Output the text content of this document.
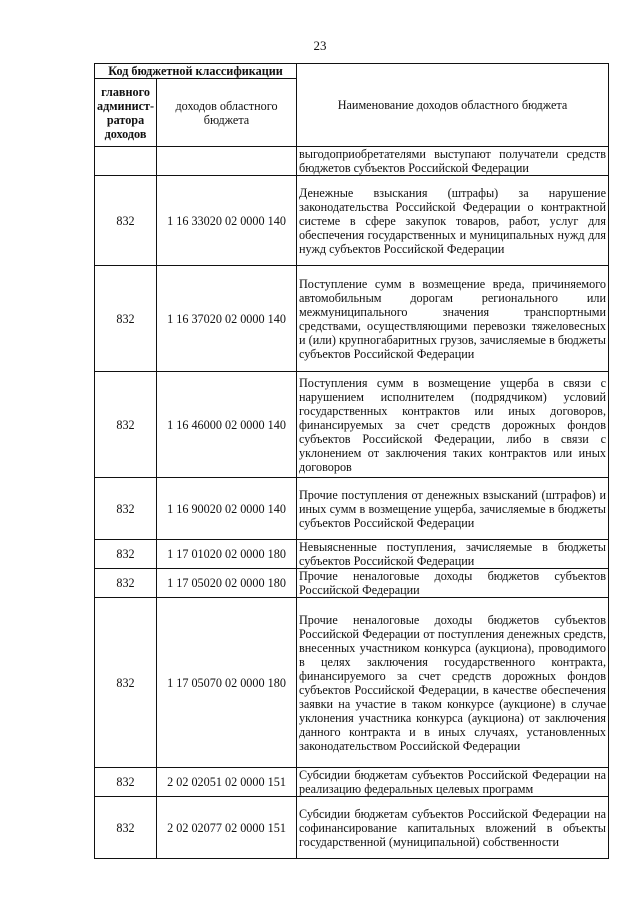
23
Код бюджетной классификации		Наименование доходов областного бюджета
главного админист-ратора доходов	доходов областного бюджета	
		выгодоприобретателями выступают получатели средств бюджетов субъектов Российской Федерации
832	1 16 33020 02 0000 140	Денежные взыскания (штрафы) за нарушение законодательства Российской Федерации о контрактной системе в сфере закупок товаров, работ, услуг для обеспечения государственных и муниципальных нужд для нужд субъектов Российской Федерации
832	1 16 37020 02 0000 140	Поступление сумм в возмещение вреда, причиняемого автомобильным дорогам регионального или межмуниципального значения транспортными средствами, осуществляющими перевозки тяжеловесных и (или) крупногабаритных грузов, зачисляемые в бюджеты субъектов Российской Федерации
832	1 16 46000 02 0000 140	Поступления сумм в возмещение ущерба в связи с нарушением исполнителем (подрядчиком) условий государственных контрактов или иных договоров, финансируемых за счет средств дорожных фондов субъектов Российской Федерации, либо в связи с уклонением от заключения таких контрактов или иных договоров
832	1 16 90020 02 0000 140	Прочие поступления от денежных взысканий (штрафов) и иных сумм в возмещение ущерба, зачисляемые в бюджеты субъектов Российской Федерации
832	1 17 01020 02 0000 180	Невыясненные поступления, зачисляемые в бюджеты субъектов Российской Федерации
832	1 17 05020 02 0000 180	Прочие неналоговые доходы бюджетов субъектов Российской Федерации
832	1 17 05070 02 0000 180	Прочие неналоговые доходы бюджетов субъектов Российской Федерации от поступления денежных средств, внесенных участником конкурса (аукциона), проводимого в целях заключения государственного контракта, финансируемого за счет средств дорожных фондов субъектов Российской Федерации, в качестве обеспечения заявки на участие в таком конкурсе (аукционе) в случае уклонения участника конкурса (аукциона) от заключения данного контракта и в иных случаях, установленных законодательством Российской Федерации
832	2 02 02051 02 0000 151	Субсидии бюджетам субъектов Российской Федерации на реализацию федеральных целевых программ
832	2 02 02077 02 0000 151	Субсидии бюджетам субъектов Российской Федерации на софинансирование капитальных вложений в объекты государственной (муниципальной) собственности
